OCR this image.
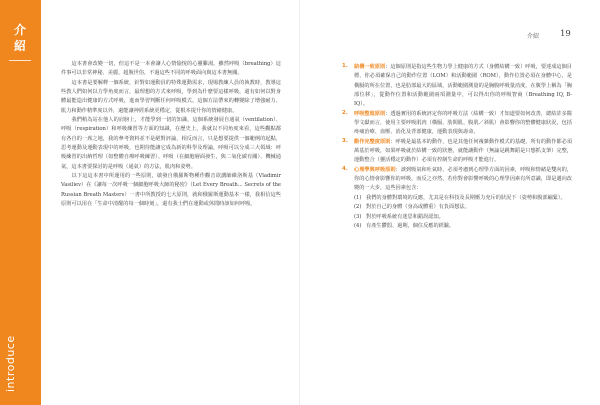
介
紹
introduce

這本書會改變一切，但這不是一本會讓人心情愉悅的心靈雞湯。雖然呼吸（breathing）這件事可以非常神秘、美麗，超脫世俗，不過這些不同的呼吸面向與這本書無關。

這本書是要解釋一個系統，針對如運動員的特殊運動需求，現場教練人員的執教時，教導這些教人們如何以力學角度而言，最理想的方式來呼吸，學到為什麼要這樣呼吸，還有如何以對身體最能造出健康的方式呼吸，進而學習判斷任何呼吸模式。這個方法帶來的轉變除了增強耐力、肌力和動作精準度以外，還能讓神經系統更穩定，從根本提升你的情緒健康。

我們稍為站在他人的肩膀上，才能學到一切的知識，這個系統發展自通氣（ventilation）、呼吸（respiration）和呼吸練習等方面的知識，在歷史上，我就以不同角度來看，這些觀點都有各自的一席之地，我的參考資料並不是絕對評論，相反而言，只是想要提供一個範例的起點，思考運動及運動表現中的呼吸，也期待能讓它成為新的科學及理論。呼吸可以分成三大領域：呼吸練習的出納哲理（如整體自療呼吸練習）、呼吸（在細胞層面發生，與二氧化碳有關）、機械通氣，這本書要探討的是呼吸（通氣）的方法，肌肉和姿勢。

以下這這本書中所運用的一些原則，啟發自俄羅斯物種作觀音欲講師維洛斯基（Vladimir Vasiliev）在《讓每一次呼吸一個細胞呼吸大師的秘密》（Let Every Breath... Secrets of the Russian Breath Masters）一書中所教授的七大原則，就和俄羅斯運動基本一樣，我相信這些原則可以用在「生命中清醒的每一個時刻」，還有我士們在運動或休閒時該如何呼吸。

介紹 19
1. 結構一致原則：這個原則是指這些生物力學上健康的方式（身體結構一致）呼吸，要達成這個目標，你必須確保自己的動作位置（LOM）和活動範圍（ROM），動作位置必須在身體中心，是橫膈的所在位置，也是肋部最大的區域，活動範圍測量的是胸腹呼吸量消度，在腹學上稱為「胸部位移」，從動作位置和活動範圍兩項測量中，可以得出你的呼吸智商（Breathing IQ, B-IQ）。
2. 呼吸整進原則：透過實用的系統評定你的呼吸方法（結構一致）才知道要如何改善，總結許多醫學文獻而言，使用主要呼吸肌肉（橫膈、肋間肌、腹肌／斜肌）會影響你的整體健康狀況，包括疼痛治療、血壓、消化及背部健康，運動表現與壽命。
3. 動作完整度原則：呼吸是最基本的動作，也是其他任何複雜動作模式的基礎，所有的動作都必須萬基於呼吸，如果呼吸就於結構一致的狀態，就能讓動作（無論是跳舞蹈是只想抓支筆）完整，運動整合（靈活穩定的動作）必須有控制生命的呼吸才能進行。
4. 心理學與呼吸原則：談到吸氣和吐氣時，必須考慮到心理學方面的因素，呼吸和情緒是雙向的，你的心情會影響你的呼吸，而反之亦然，若你對會影響呼吸的心理學因素有所意識，即是邁向改變的一大步，這些因素包含：
(1) 我們的身體對環境的反應，尤其是在科技及長期壓力充斥的狀況下（姿勢和腹部繃緊）。
(2) 對於自己的身體（身高或體重）有負面想法。
(3) 對於呼吸系統有迷思和錯誤認知。
(4) 有產生鬱悶、過期，個住反應的經驗。
